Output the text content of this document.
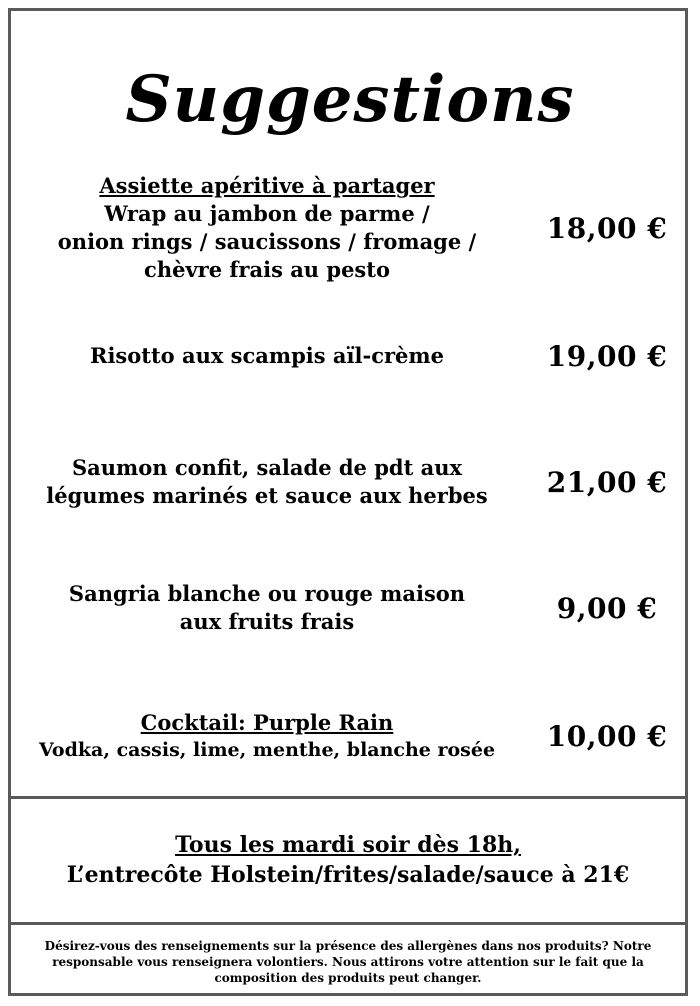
Suggestions
Assiette apéritive à partager
Wrap au jambon de parme /
onion rings / saucissons / fromage /
chèvre frais au pesto
18,00 €
Risotto aux scampis aïl-crème	19,00 €
Saumon confit, salade de pdt aux
légumes marinés et sauce aux herbes	21,00 €
Sangria blanche ou rouge maison
aux fruits frais	9,00 €
Cocktail: Purple Rain
Vodka, cassis, lime, menthe, blanche rosée	10,00 €
Tous les mardi soir dès 18h,
L’entrecôte Holstein/frites/salade/sauce à 21€
Désirez-vous des renseignements sur la présence des allergènes dans nos produits? Notre responsable vous renseignera volontiers. Nous attirons votre attention sur le fait que la composition des produits peut changer.
